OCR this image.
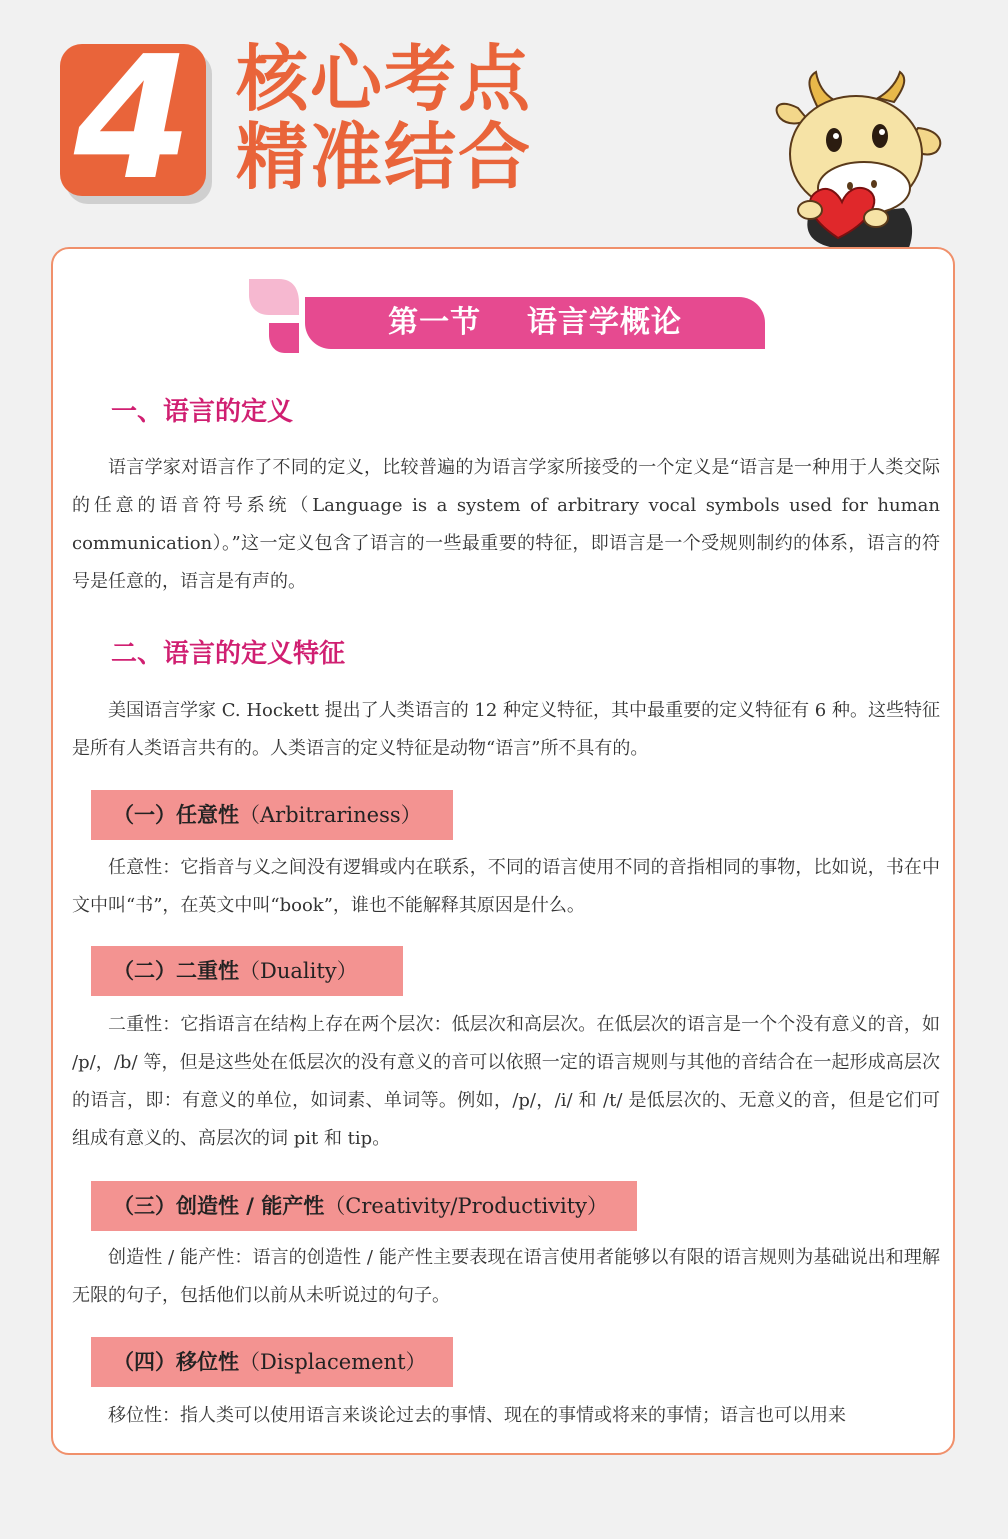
4 核心考点
精准结合
第一节    语言学概论
一、语言的定义
语言学家对语言作了不同的定义，比较普遍的为语言学家所接受的一个定义是“语言是一种用于人类交际的任意的语音符号系统（Language is a system of arbitrary vocal symbols used for human communication）。”这一定义包含了语言的一些最重要的特征，即语言是一个受规则制约的体系，语言的符号是任意的，语言是有声的。
二、语言的定义特征
美国语言学家 C. Hockett 提出了人类语言的 12 种定义特征，其中最重要的定义特征有 6 种。这些特征是所有人类语言共有的。人类语言的定义特征是动物“语言”所不具有的。
（一）任意性（Arbitrariness）
任意性：它指音与义之间没有逻辑或内在联系，不同的语言使用不同的音指相同的事物，比如说，书在中文中叫“书”，在英文中叫“book”，谁也不能解释其原因是什么。
（二）二重性（Duality）
二重性：它指语言在结构上存在两个层次：低层次和高层次。在低层次的语言是一个个没有意义的音，如 /p/，/b/ 等，但是这些处在低层次的没有意义的音可以依照一定的语言规则与其他的音结合在一起形成高层次的语言，即：有意义的单位，如词素、单词等。例如，/p/，/i/ 和 /t/ 是低层次的、无意义的音，但是它们可组成有意义的、高层次的词 pit 和 tip。
（三）创造性 / 能产性（Creativity/Productivity）
创造性 / 能产性：语言的创造性 / 能产性主要表现在语言使用者能够以有限的语言规则为基础说出和理解无限的句子，包括他们以前从未听说过的句子。
（四）移位性（Displacement）
移位性：指人类可以使用语言来谈论过去的事情、现在的事情或将来的事情；语言也可以用来
